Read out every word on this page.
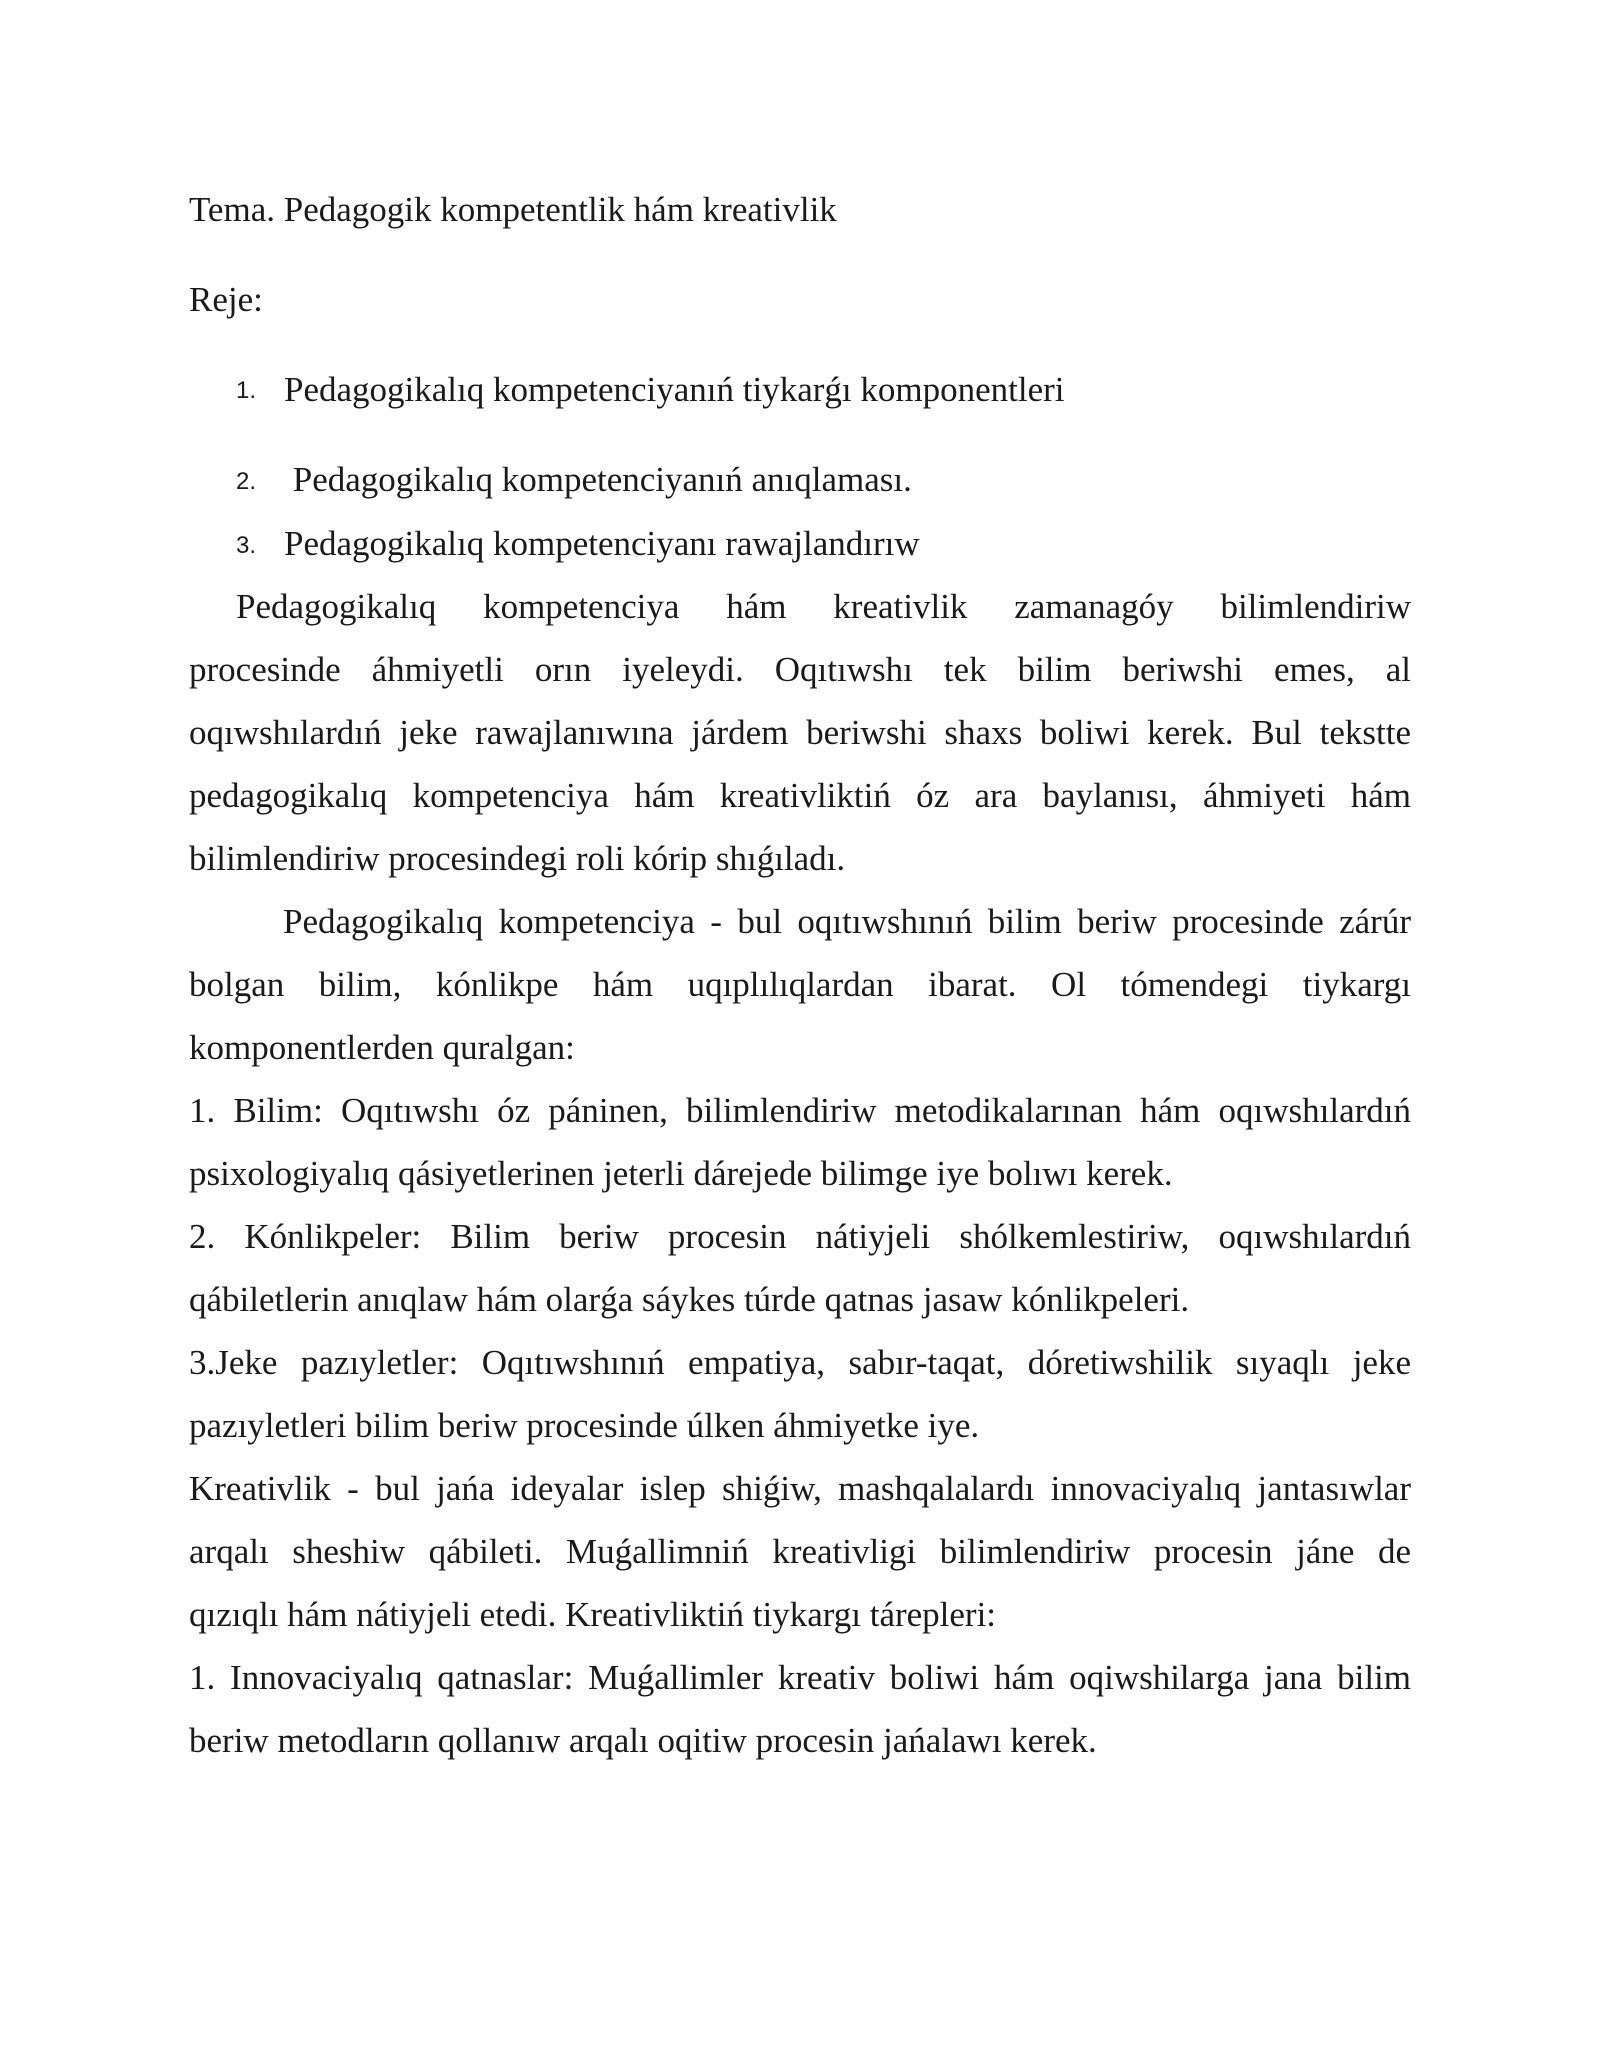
Tema. Pedagogik kompetentlik hám kreativlik
Reje:
1. Pedagogikalıq kompetenciyanıń tiykarǵı komponentleri
2. Pedagogikalıq kompetenciyanıń anıqlaması.
3. Pedagogikalıq kompetenciyanı rawajlandırıw
Pedagogikalıq kompetenciya hám kreativlik zamanagóy bilimlendiriw
procesinde áhmiyetli orın iyeleydi. Oqıtıwshı tek bilim beriwshi emes, al
oqıwshılardıń jeke rawajlanıwına járdem beriwshi shaxs boliwi kerek. Bul tekstte
pedagogikalıq kompetenciya hám kreativliktiń óz ara baylanısı, áhmiyeti hám
bilimlendiriw procesindegi roli kórip shıǵıladı.
Pedagogikalıq kompetenciya - bul oqıtıwshınıń bilim beriw procesinde zárúr
bolgan bilim, kónlikpe hám uqıplılıqlardan ibarat. Ol tómendegi tiykargı
komponentlerden quralgan:
1. Bilim: Oqıtıwshı óz páninen, bilimlendiriw metodikalarınan hám oqıwshılardıń
psixologiyalıq qásiyetlerinen jeterli dárejede bilimge iye bolıwı kerek.
2. Kónlikpeler: Bilim beriw procesin nátiyjeli shólkemlestiriw, oqıwshılardıń
qábiletlerin anıqlaw hám olarǵa sáykes túrde qatnas jasaw kónlikpeleri.
3.Jeke pazıyletler: Oqıtıwshınıń empatiya, sabır-taqat, dóretiwshilik sıyaqlı jeke
pazıyletleri bilim beriw procesinde úlken áhmiyetke iye.
Kreativlik - bul jańa ideyalar islep shiǵiw, mashqalalardı innovaciyalıq jantasıwlar
arqalı sheshiw qábileti. Muǵallimniń kreativligi bilimlendiriw procesin jáne de
qızıqlı hám nátiyjeli etedi. Kreativliktiń tiykargı tárepleri:
1. Innovaciyalıq qatnaslar: Muǵallimler kreativ boliwi hám oqiwshilarga jana bilim
beriw metodların qollanıw arqalı oqitiw procesin jańalawı kerek.
